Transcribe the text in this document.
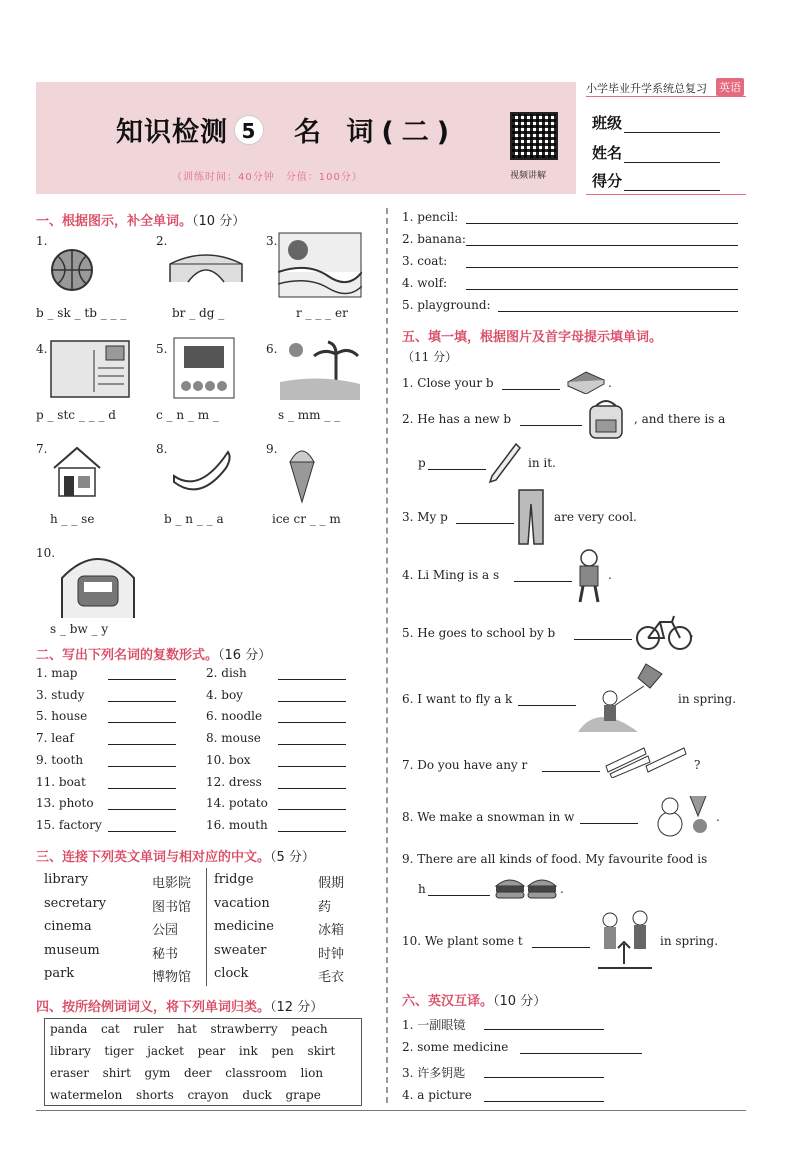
小学毕业升学系统总复习 英语
知识检测 5 名 词(二)
（训练时间：40分钟　分值：100分）	视频讲解
班级
姓名
得分
一、根据图示，补全单词。（10 分）
1.
b _ sk _ tb _ _ _
2.
br _ dg _
3.
r _ _ _ er
4.
p _ stc _ _ _ d
5.
c _ n _ m _
6.
s _ mm _ _
7.
h _ _ se
8.
b _ n _ _ a
9.
ice cr _ _ m
10.
s _ bw _ y
二、写出下列名词的复数形式。（16 分）
1. map	2. dish
3. study	4. boy
5. house	6. noodle
7. leaf	8. mouse
9. tooth	10. box
11. boat	12. dress
13. photo	14. potato
15. factory	16. mouth
三、连接下列英文单词与相对应的中文。（5 分）
library
secretary
cinema
museum
park
电影院
图书馆
公园
秘书
博物馆
fridge
vacation
medicine
sweater
clock
假期
药
冰箱
时钟
毛衣
四、按所给例词词义，将下列单词归类。（12 分）
panda  cat  ruler  hat  strawberry  peach
library  tiger  jacket  pear  ink  pen  skirt
eraser  shirt  gym  deer  classroom  lion
watermelon  shorts  crayon  duck  grape
1. pencil:
2. banana:
3. coat:
4. wolf:
5. playground:
五、填一填，根据图片及首字母提示填单词。
（11 分）
1. Close your b	.
2. He has a new b	, and there is a
p	in it.
3. My p	are very cool.
4. Li Ming is a s	.
5. He goes to school by b	.
6. I want to fly a k	in spring.
7. Do you have any r	?
8. We make a snowman in w	.
9. There are all kinds of food. My favourite food is
h	.
10. We plant some t	in spring.
六、英汉互译。（10 分）
1. 一副眼镜
2. some medicine
3. 许多钥匙
4. a picture
